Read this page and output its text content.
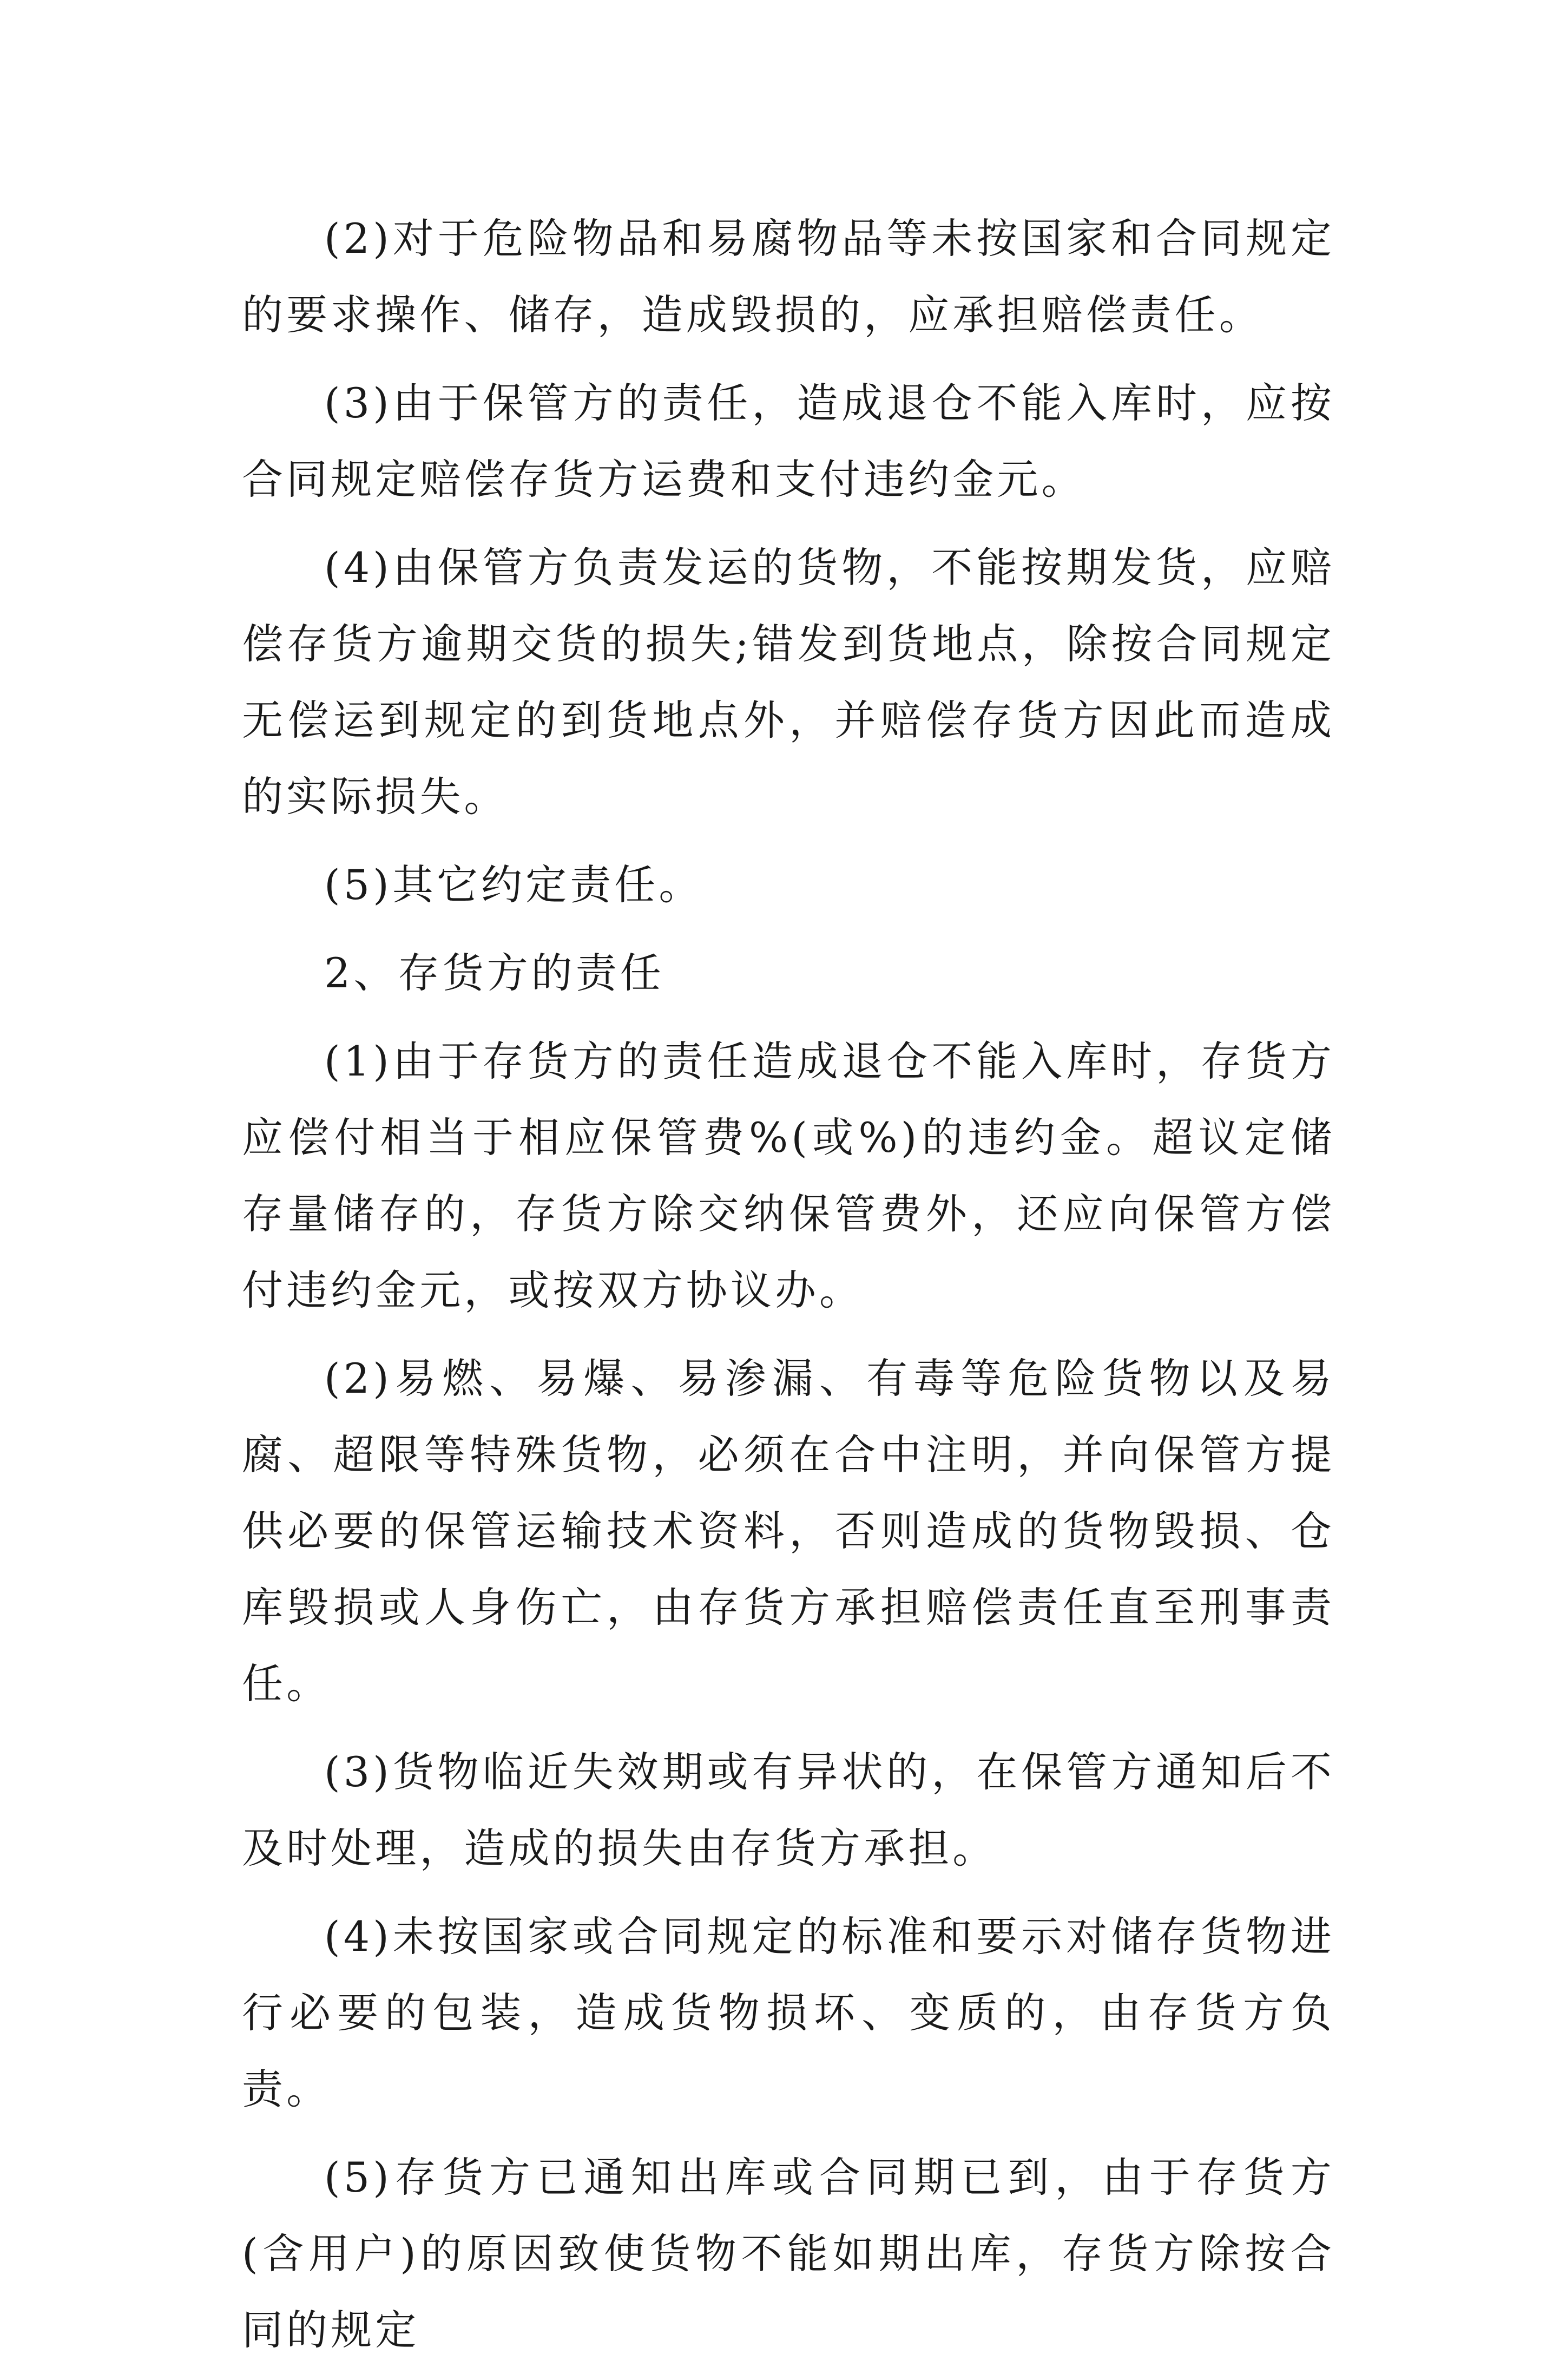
(2)对于危险物品和易腐物品等未按国家和合同规定的要求操作、储存，造成毁损的，应承担赔偿责任。

(3)由于保管方的责任，造成退仓不能入库时，应按合同规定赔偿存货方运费和支付违约金元。

(4)由保管方负责发运的货物，不能按期发货，应赔偿存货方逾期交货的损失;错发到货地点，除按合同规定无偿运到规定的到货地点外，并赔偿存货方因此而造成的实际损失。

(5)其它约定责任。

2、存货方的责任

(1)由于存货方的责任造成退仓不能入库时，存货方应偿付相当于相应保管费%(或%)的违约金。超议定储存量储存的，存货方除交纳保管费外，还应向保管方偿付违约金元，或按双方协议办。

(2)易燃、易爆、易渗漏、有毒等危险货物以及易腐、超限等特殊货物，必须在合中注明，并向保管方提供必要的保管运输技术资料，否则造成的货物毁损、仓库毁损或人身伤亡，由存货方承担赔偿责任直至刑事责任。

(3)货物临近失效期或有异状的，在保管方通知后不及时处理，造成的损失由存货方承担。

(4)未按国家或合同规定的标准和要示对储存货物进行必要的包装，造成货物损坏、变质的，由存货方负责。

(5)存货方已通知出库或合同期已到，由于存货方(含用户)的原因致使货物不能如期出库，存货方除按合同的规定
